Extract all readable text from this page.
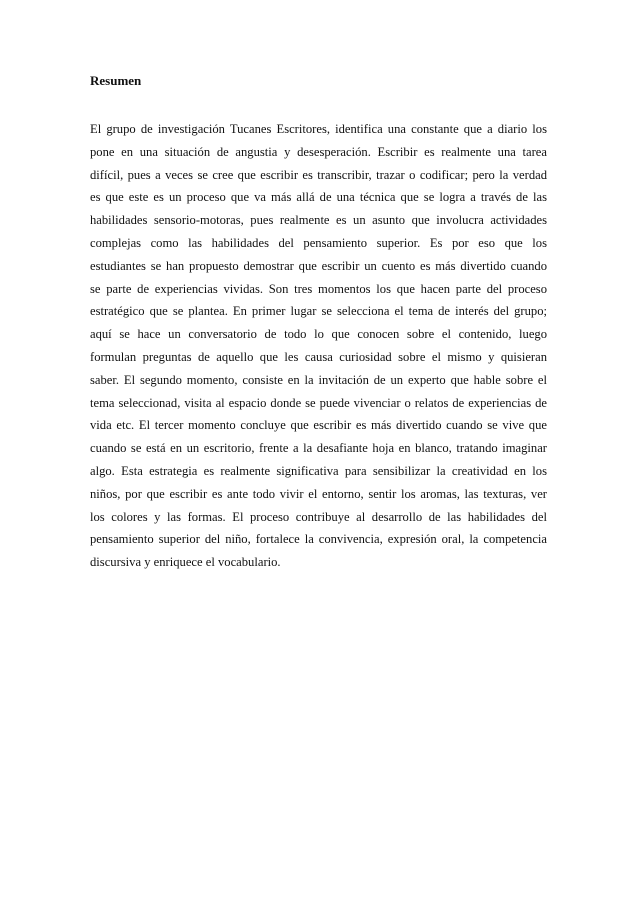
Resumen
El grupo de investigación Tucanes Escritores, identifica una constante que a diario los
pone en una situación de angustia y desesperación. Escribir es realmente una tarea
difícil, pues a veces se cree que escribir es transcribir, trazar o codificar; pero la verdad
es que este es un proceso que va más allá de una técnica que se logra a través de las
habilidades sensorio-motoras, pues realmente es un asunto que involucra actividades
complejas como las habilidades del pensamiento superior. Es por eso que los
estudiantes se han propuesto demostrar que escribir un cuento es más divertido cuando
se parte de experiencias vividas. Son tres momentos los que hacen parte del proceso
estratégico que se plantea. En primer lugar se selecciona el tema de interés del grupo;
aquí se hace un conversatorio de todo lo que conocen sobre el contenido, luego
formulan preguntas de aquello que les causa curiosidad sobre el mismo y quisieran
saber. El segundo momento, consiste en la invitación de un experto que hable sobre el
tema seleccionad, visita al espacio donde se puede vivenciar o relatos de experiencias de
vida etc. El tercer momento concluye que escribir es más divertido cuando se vive que
cuando se está en un escritorio, frente a la desafiante hoja en blanco, tratando imaginar
algo. Esta estrategia es realmente significativa para sensibilizar la creatividad en los
niños, por que escribir es ante todo vivir el entorno, sentir los aromas, las texturas, ver
los colores y las formas. El proceso contribuye al desarrollo de las habilidades del
pensamiento superior del niño, fortalece la convivencia, expresión oral, la competencia
discursiva y enriquece el vocabulario.
